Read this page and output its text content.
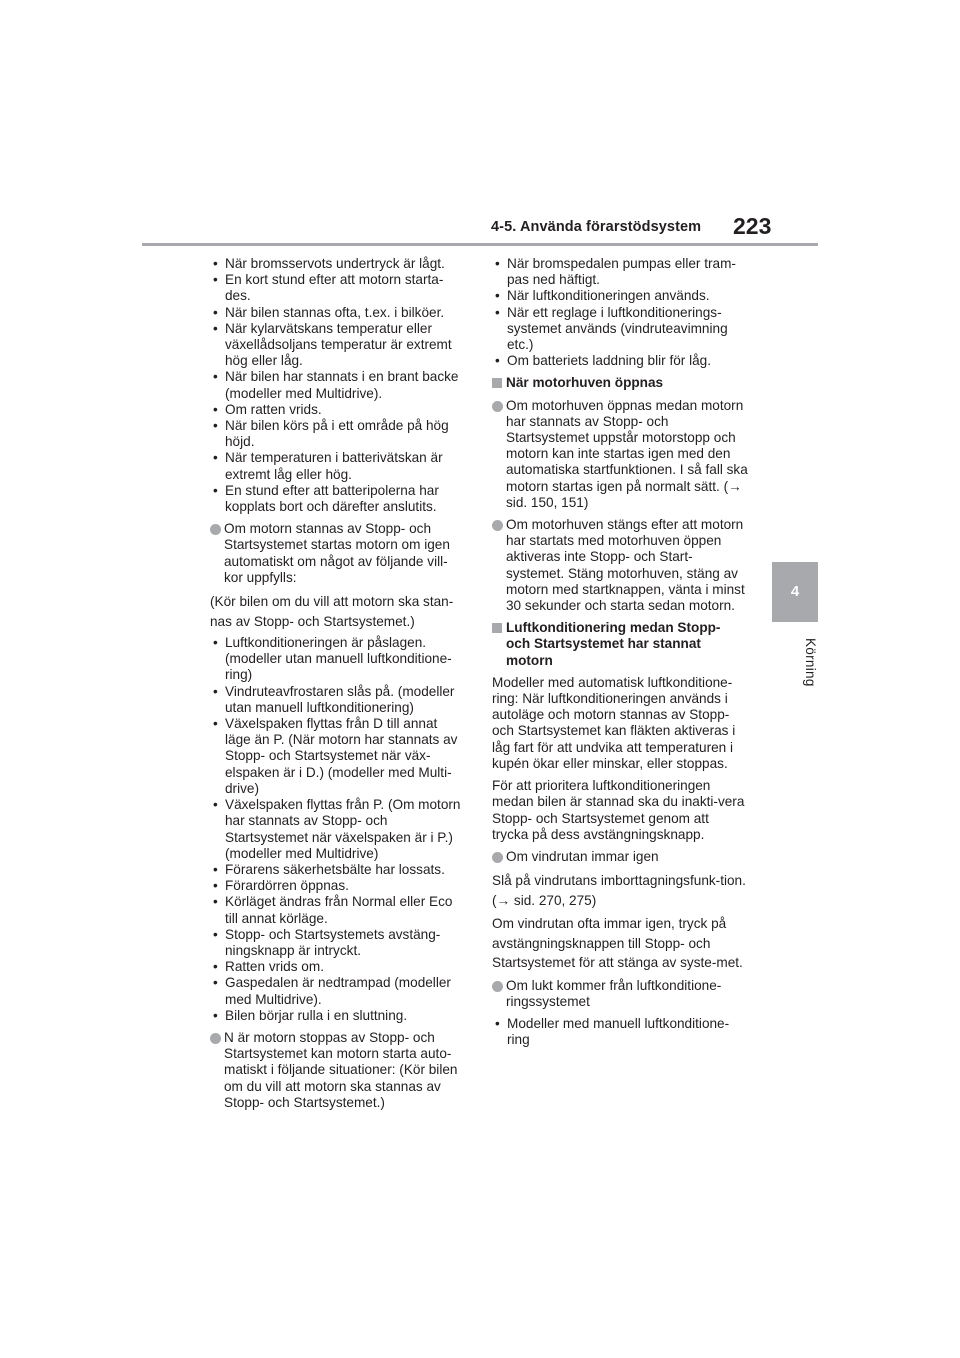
4-5. Använda förarstödsystem 223
4
Körning
• När bromsservots undertryck är lågt.
• En kort stund efter att motorn starta-des.
• När bilen stannas ofta, t.ex. i bilköer.
• När kylarvätskans temperatur eller växellådsoljans temperatur är extremt hög eller låg.
• När bilen har stannats i en brant backe (modeller med Multidrive).
• Om ratten vrids.
• När bilen körs på i ett område på hög höjd.
• När temperaturen i batterivätskan är extremt låg eller hög.
• En stund efter att batteripolerna har kopplats bort och därefter anslutits.
Om motorn stannas av Stopp- och Startsystemet startas motorn om igen automatiskt om något av följande vill-kor uppfylls:

(Kör bilen om du vill att motorn ska stan-nas av Stopp- och Startsystemet.)

• Luftkonditioneringen är påslagen. (modeller utan manuell luftkonditione-ring)
• Vindruteavfrostaren slås på. (modeller utan manuell luftkonditionering)
• Växelspaken flyttas från D till annat läge än P. (När motorn har stannats av Stopp- och Startsystemet när väx-elspaken är i D.) (modeller med Multi-drive)
• Växelspaken flyttas från P. (Om motorn har stannats av Stopp- och Startsystemet när växelspaken är i P.) (modeller med Multidrive)
• Förarens säkerhetsbälte har lossats.
• Förardörren öppnas.
• Körläget ändras från Normal eller Eco till annat körläge.
• Stopp- och Startsystemets avstäng-ningsknapp är intryckt.
• Ratten vrids om.
• Gaspedalen är nedtrampad (modeller med Multidrive).
• Bilen börjar rulla i en sluttning.
N är motorn stoppas av Stopp- och Startsystemet kan motorn starta auto-matiskt i följande situationer: (Kör bilen om du vill att motorn ska stannas av Stopp- och Startsystemet.)
• När bromspedalen pumpas eller tram-pas ned häftigt.
• När luftkonditioneringen används.
• När ett reglage i luftkonditionerings-systemet används (vindruteavimning etc.)
• Om batteriets laddning blir för låg.
När motorhuven öppnas
Om motorhuven öppnas medan motorn har stannats av Stopp- och Startsystemet uppstår motorstopp och motorn kan inte startas igen med den automatiska startfunktionen. I så fall ska motorn startas igen på normalt sätt. (→ sid. 150, 151)
Om motorhuven stängs efter att motorn har startats med motorhuven öppen aktiveras inte Stopp- och Start-systemet. Stäng motorhuven, stäng av motorn med startknappen, vänta i minst 30 sekunder och starta sedan motorn.
Luftkonditionering medan Stopp- och Startsystemet har stannat motorn

Modeller med automatisk luftkonditione-ring: När luftkonditioneringen används i autoläge och motorn stannas av Stopp- och Startsystemet kan fläkten aktiveras i låg fart för att undvika att temperaturen i kupén ökar eller minskar, eller stoppas.

För att prioritera luftkonditioneringen medan bilen är stannad ska du inakti-vera Stopp- och Startsystemet genom att trycka på dess avstängningsknapp.

Om vindrutan immar igen

Slå på vindrutans imborttagningsfunk-tion. (→ sid. 270, 275)

Om vindrutan ofta immar igen, tryck på avstängningsknappen till Stopp- och Startsystemet för att stänga av syste-met.

Om lukt kommer från luftkonditione-ringssystemet
• Modeller med manuell luftkonditione-ring
